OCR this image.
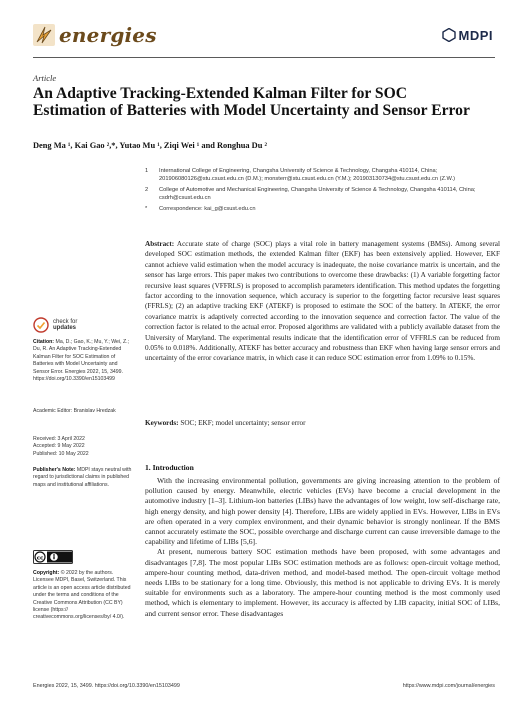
energies	MDPI
Article
An Adaptive Tracking-Extended Kalman Filter for SOC Estimation of Batteries with Model Uncertainty and Sensor Error
Deng Ma ¹, Kai Gao ²,*, Yutao Mu ¹, Ziqi Wei ¹ and Ronghua Du ²
1 International College of Engineering, Changsha University of Science & Technology, Changsha 410114, China; 201906080126@stu.csust.edu.cn (D.M.); monsterr@stu.csust.edu.cn (Y.M.); 201903130734@stu.csust.edu.cn (Z.W.)
2 College of Automotive and Mechanical Engineering, Changsha University of Science & Technology, Changsha 410114, China; csdrh@csust.edu.cn
* Correspondence: kai_g@csust.edu.cn
Abstract: Accurate state of charge (SOC) plays a vital role in battery management systems (BMSs). Among several developed SOC estimation methods, the extended Kalman filter (EKF) has been extensively applied. However, EKF cannot achieve valid estimation when the model accuracy is inadequate, the noise covariance matrix is uncertain, and the sensor has large errors. This paper makes two contributions to overcome these drawbacks: (1) A variable forgetting factor recursive least squares (VFFRLS) is proposed to accomplish parameters identification. This method updates the forgetting factor according to the innovation sequence, which accuracy is superior to the forgetting factor recursive least squares (FFRLS); (2) an adaptive tracking EKF (ATEKF) is proposed to estimate the SOC of the battery. In ATEKF, the error covariance matrix is adaptively corrected according to the innovation sequence and correction factor. The value of the correction factor is related to the actual error. Proposed algorithms are validated with a publicly available dataset from the University of Maryland. The experimental results indicate that the identification error of VFFRLS can be reduced from 0.05% to 0.018%. Additionally, ATEKF has better accuracy and robustness than EKF when having large sensor errors and uncertainty of the error covariance matrix, in which case it can reduce SOC estimation error from 1.09% to 0.15%.
Keywords: SOC; EKF; model uncertainty; sensor error
check for
updates
Citation: Ma, D.; Gao, K.; Mu, Y.; Wei, Z.; Du, R. An Adaptive Tracking-Extended Kalman Filter for SOC Estimation of Batteries with Model Uncertainty and Sensor Error. Energies 2022, 15, 3499. https://doi.org/10.3390/en15103499
Academic Editor: Branislav Hredzak
Received: 3 April 2022
Accepted: 9 May 2022
Published: 10 May 2022
Publisher's Note: MDPI stays neutral with regard to jurisdictional claims in published maps and institutional affiliations.
cc
Copyright: © 2022 by the authors. Licensee MDPI, Basel, Switzerland. This article is an open access article distributed under the terms and conditions of the Creative Commons Attribution (CC BY) license (https:// creativecommons.org/licenses/by/ 4.0/).
1. Introduction

With the increasing environmental pollution, governments are giving increasing attention to the problem of pollution caused by energy. Meanwhile, electric vehicles (EVs) have become a crucial development in the automotive industry [1–3]. Lithium-ion batteries (LIBs) have the advantages of low weight, low self-discharge rate, high energy density, and high power density [4]. Therefore, LIBs are widely applied in EVs. However, LIBs in EVs are often operated in a very complex environment, and their dynamic behavior is strongly nonlinear. If the BMS cannot accurately estimate the SOC, possible overcharge and discharge current can cause irreversible damage to the capability and lifetime of LIBs [5,6].

At present, numerous battery SOC estimation methods have been proposed, with some advantages and disadvantages [7,8]. The most popular LIBs SOC estimation methods are as follows: open-circuit voltage method, ampere-hour counting method, data-driven method, and model-based method. The open-circuit voltage method needs LIBs to be stationary for a long time. Obviously, this method is not applicable to driving EVs. It is merely suitable for environments such as a laboratory. The ampere-hour counting method is the most commonly used method, which is elementary to implement. However, its accuracy is affected by LIB capacity, initial SOC of LIBs, and current sensor error. These disadvantages

Energies 2022, 15, 3499. https://doi.org/10.3390/en15103499	https://www.mdpi.com/journal/energies
